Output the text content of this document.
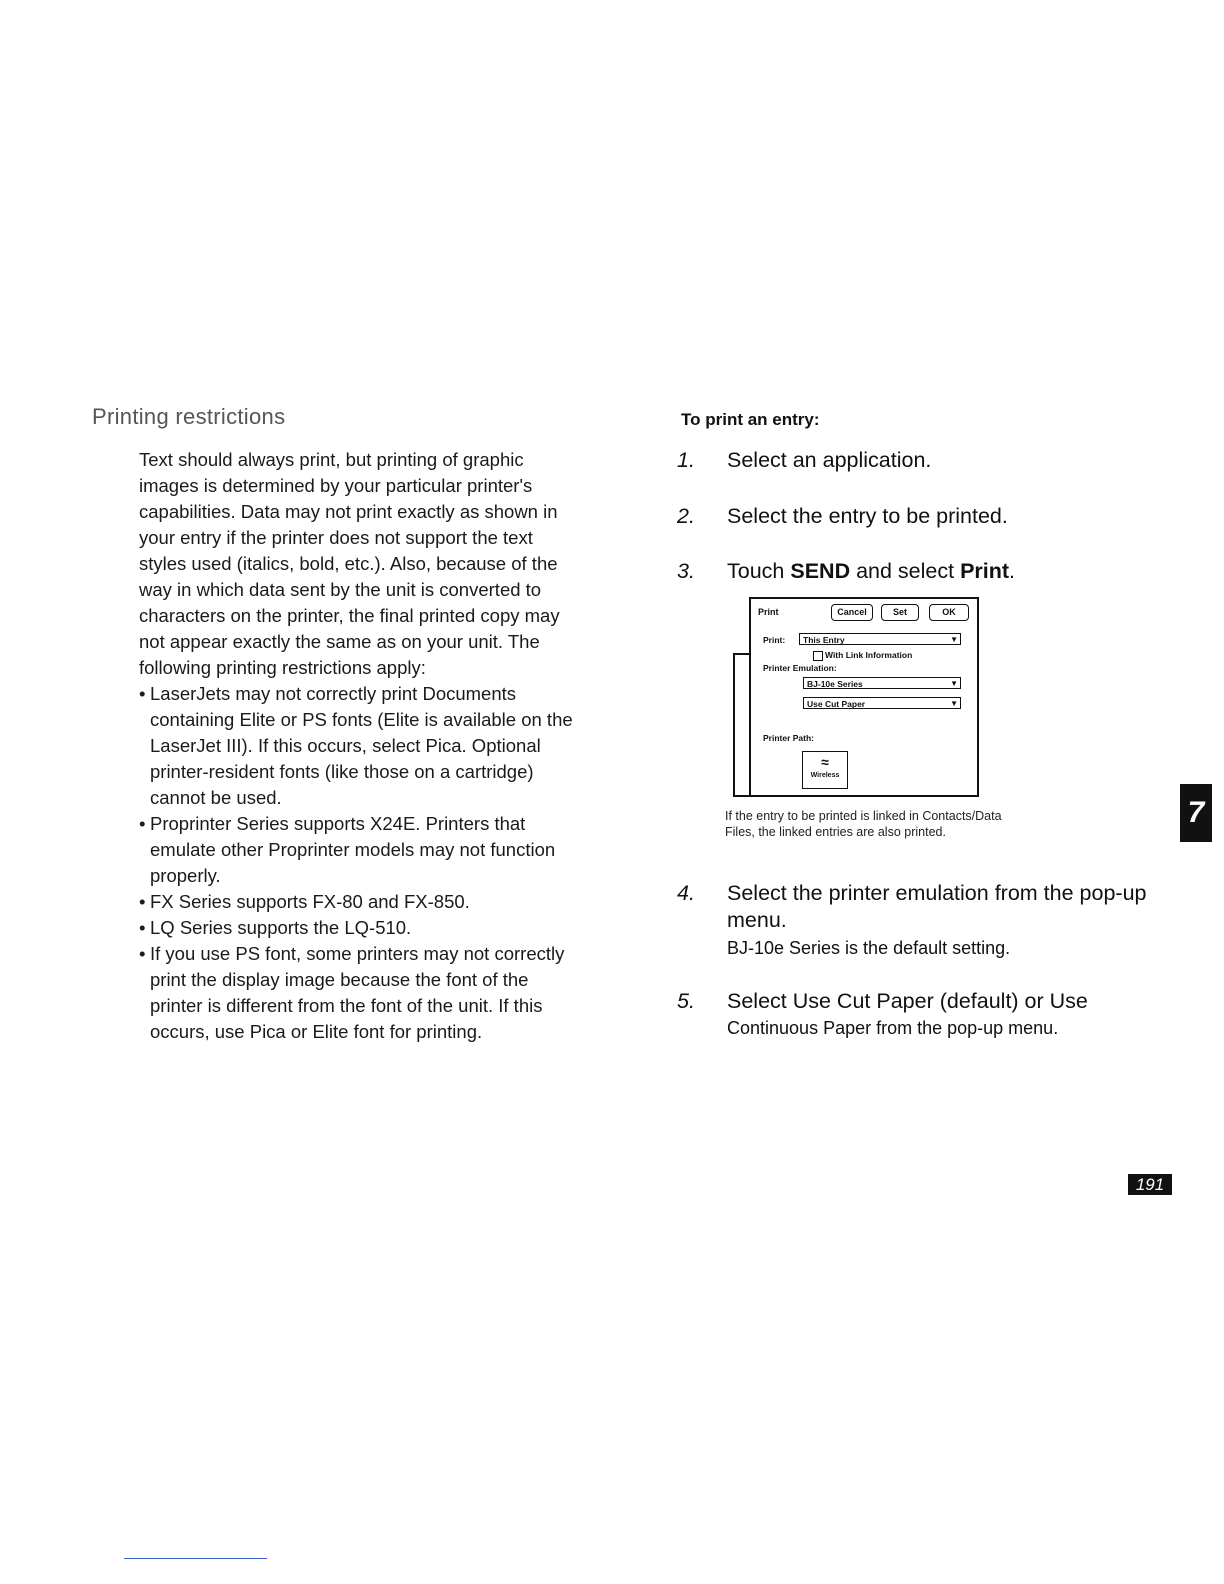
Printing restrictions

Text should always print, but printing of graphic images is determined by your particular printer's capabilities. Data may not print exactly as shown in your entry if the printer does not support the text styles used (italics, bold, etc.). Also, because of the way in which data sent by the unit is converted to characters on the printer, the final printed copy may not appear exactly the same as on your unit. The following printing restrictions apply:

• LaserJets may not correctly print Documents containing Elite or PS fonts (Elite is available on the LaserJet III). If this occurs, select Pica. Optional printer-resident fonts (like those on a cartridge) cannot be used.
• Proprinter Series supports X24E. Printers that emulate other Proprinter models may not function properly.
• FX Series supports FX-80 and FX-850.
• LQ Series supports the LQ-510.
• If you use PS font, some printers may not correctly print the display image because the font of the printer is different from the font of the unit. If this occurs, use Pica or Elite font for printing.
To print an entry:
1. Select an application.
2. Select the entry to be printed.
3. Touch SEND and select Print.
Print	Cancel	Set	OK
Print:	This Entry	▼
With Link Information
Printer Emulation:
BJ-10e Series	▼
Use Cut Paper	▼
Printer Path:
≈
Wireless
If the entry to be printed is linked in Contacts/Data Files, the linked entries are also printed.
4. Select the printer emulation from the pop-up menu.
BJ-10e Series is the default setting.
5. Select Use Cut Paper (default) or Use
Continuous Paper from the pop-up menu.
7
191
